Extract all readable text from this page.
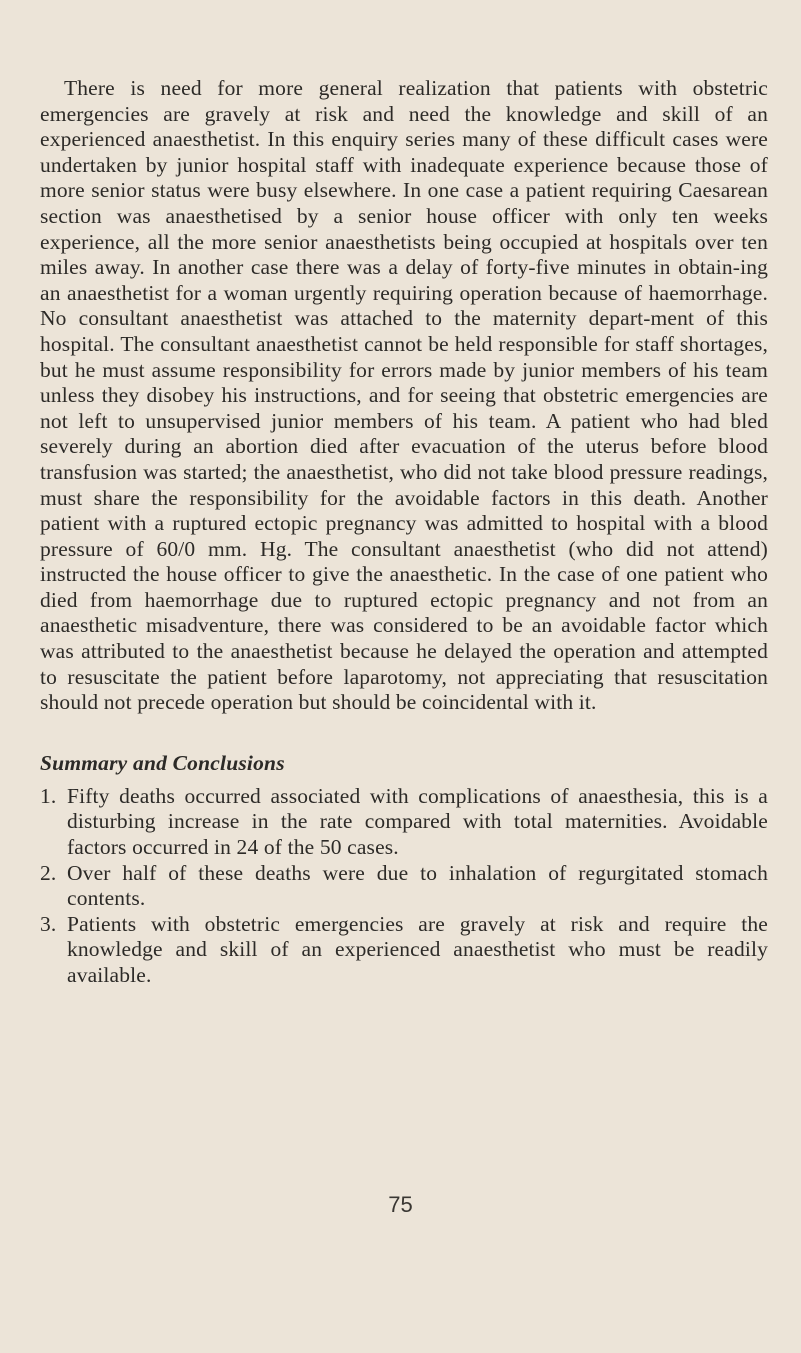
There is need for more general realization that patients with obstetric emergencies are gravely at risk and need the knowledge and skill of an experienced anaesthetist. In this enquiry series many of these difficult cases were undertaken by junior hospital staff with inadequate experience because those of more senior status were busy elsewhere. In one case a patient requiring Caesarean section was anaesthetised by a senior house officer with only ten weeks experience, all the more senior anaesthetists being occupied at hospitals over ten miles away. In another case there was a delay of forty-five minutes in obtain-ing an anaesthetist for a woman urgently requiring operation because of haemorrhage. No consultant anaesthetist was attached to the maternity depart-ment of this hospital. The consultant anaesthetist cannot be held responsible for staff shortages, but he must assume responsibility for errors made by junior members of his team unless they disobey his instructions, and for seeing that obstetric emergencies are not left to unsupervised junior members of his team. A patient who had bled severely during an abortion died after evacuation of the uterus before blood transfusion was started; the anaesthetist, who did not take blood pressure readings, must share the responsibility for the avoidable factors in this death. Another patient with a ruptured ectopic pregnancy was admitted to hospital with a blood pressure of 60/0 mm. Hg. The consultant anaesthetist (who did not attend) instructed the house officer to give the anaesthetic. In the case of one patient who died from haemorrhage due to ruptured ectopic pregnancy and not from an anaesthetic misadventure, there was considered to be an avoidable factor which was attributed to the anaesthetist because he delayed the operation and attempted to resuscitate the patient before laparotomy, not appreciating that resuscitation should not precede operation but should be coincidental with it.

Summary and Conclusions
1. Fifty deaths occurred associated with complications of anaesthesia, this is a disturbing increase in the rate compared with total maternities. Avoidable factors occurred in 24 of the 50 cases.
2. Over half of these deaths were due to inhalation of regurgitated stomach contents.
3. Patients with obstetric emergencies are gravely at risk and require the knowledge and skill of an experienced anaesthetist who must be readily available.
75
